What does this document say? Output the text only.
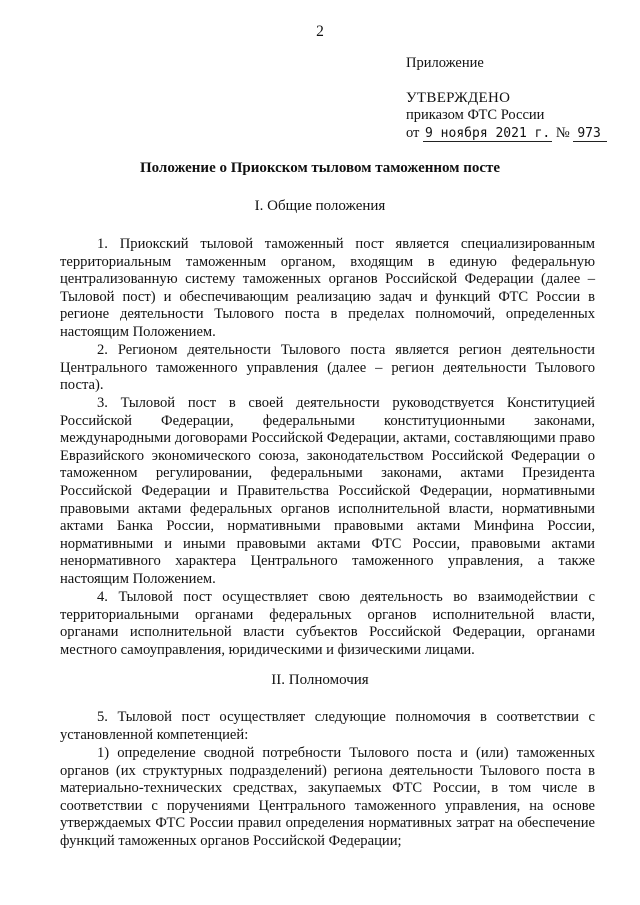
2
Приложение
УТВЕРЖДЕНО
приказом ФТС России
от 9 ноября 2021 г. № 973
Положение о Приокском тыловом таможенном посте
I. Общие положения

1. Приокский тыловой таможенный пост является специализированным территориальным таможенным органом, входящим в единую федеральную централизованную систему таможенных органов Российской Федерации (далее – Тыловой пост) и обеспечивающим реализацию задач и функций ФТС России в регионе деятельности Тылового поста в пределах полномочий, определенных настоящим Положением.

2. Регионом деятельности Тылового поста является регион деятельности Центрального таможенного управления (далее – регион деятельности Тылового поста).

3. Тыловой пост в своей деятельности руководствуется Конституцией Российской Федерации, федеральными конституционными законами, международными договорами Российской Федерации, актами, составляющими право Евразийского экономического союза, законодательством Российской Федерации о таможенном регулировании, федеральными законами, актами Президента Российской Федерации и Правительства Российской Федерации, нормативными правовыми актами федеральных органов исполнительной власти, нормативными актами Банка России, нормативными правовыми актами Минфина России, нормативными и иными правовыми актами ФТС России, правовыми актами ненормативного характера Центрального таможенного управления, а также настоящим Положением.

4. Тыловой пост осуществляет свою деятельность во взаимодействии с территориальными органами федеральных органов исполнительной власти, органами исполнительной власти субъектов Российской Федерации, органами местного самоуправления, юридическими и физическими лицами.

II. Полномочия

5. Тыловой пост осуществляет следующие полномочия в соответствии с установленной компетенцией:

1) определение сводной потребности Тылового поста и (или) таможенных органов (их структурных подразделений) региона деятельности Тылового поста в материально-технических средствах, закупаемых ФТС России, в том числе в соответствии с поручениями Центрального таможенного управления, на основе утверждаемых ФТС России правил определения нормативных затрат на обеспечение функций таможенных органов Российской Федерации;
